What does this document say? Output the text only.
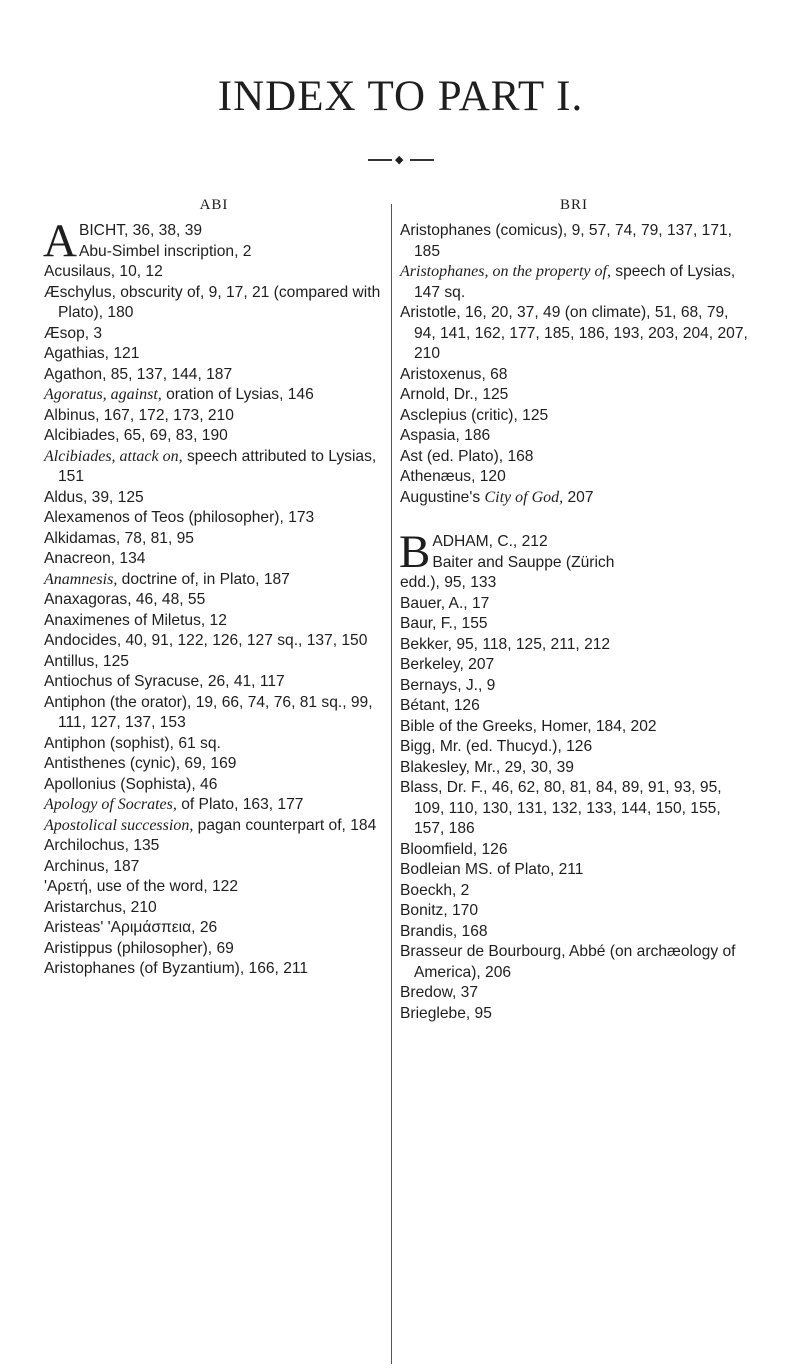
INDEX TO PART I.
◆
ABI
A BICHT, 36, 38, 39
Abu-Simbel inscription, 2
Acusilaus, 10, 12
Æschylus, obscurity of, 9, 17, 21 (compared with Plato), 180
Æsop, 3
Agathias, 121
Agathon, 85, 137, 144, 187
Agoratus, against, oration of Lysias, 146
Albinus, 167, 172, 173, 210
Alcibiades, 65, 69, 83, 190
Alcibiades, attack on, speech attributed to Lysias, 151
Aldus, 39, 125
Alexamenos of Teos (philosopher), 173
Alkidamas, 78, 81, 95
Anacreon, 134
Anamnesis, doctrine of, in Plato, 187
Anaxagoras, 46, 48, 55
Anaximenes of Miletus, 12
Andocides, 40, 91, 122, 126, 127 sq., 137, 150
Antillus, 125
Antiochus of Syracuse, 26, 41, 117
Antiphon (the orator), 19, 66, 74, 76, 81 sq., 99, 111, 127, 137, 153
Antiphon (sophist), 61 sq.
Antisthenes (cynic), 69, 169
Apollonius (Sophista), 46
Apology of Socrates, of Plato, 163, 177
Apostolical succession, pagan counterpart of, 184
Archilochus, 135
Archinus, 187
'Αρετή, use of the word, 122
Aristarchus, 210
Aristeas' 'Αριμάσπεια, 26
Aristippus (philosopher), 69
Aristophanes (of Byzantium), 166, 211
BRI
Aristophanes (comicus), 9, 57, 74, 79, 137, 171, 185
Aristophanes, on the property of, speech of Lysias, 147 sq.
Aristotle, 16, 20, 37, 49 (on climate), 51, 68, 79, 94, 141, 162, 177, 185, 186, 193, 203, 204, 207, 210
Aristoxenus, 68
Arnold, Dr., 125
Asclepius (critic), 125
Aspasia, 186
Ast (ed. Plato), 168
Athenæus, 120
Augustine's City of God, 207
B ADHAM, C., 212
Baiter and Sauppe (Zürich
edd.), 95, 133
Bauer, A., 17
Baur, F., 155
Bekker, 95, 118, 125, 211, 212
Berkeley, 207
Bernays, J., 9
Bétant, 126
Bible of the Greeks, Homer, 184, 202
Bigg, Mr. (ed. Thucyd.), 126
Blakesley, Mr., 29, 30, 39
Blass, Dr. F., 46, 62, 80, 81, 84, 89, 91, 93, 95, 109, 110, 130, 131, 132, 133, 144, 150, 155, 157, 186
Bloomfield, 126
Bodleian MS. of Plato, 211
Boeckh, 2
Bonitz, 170
Brandis, 168
Brasseur de Bourbourg, Abbé (on archæology of America), 206
Bredow, 37
Brieglebe, 95
